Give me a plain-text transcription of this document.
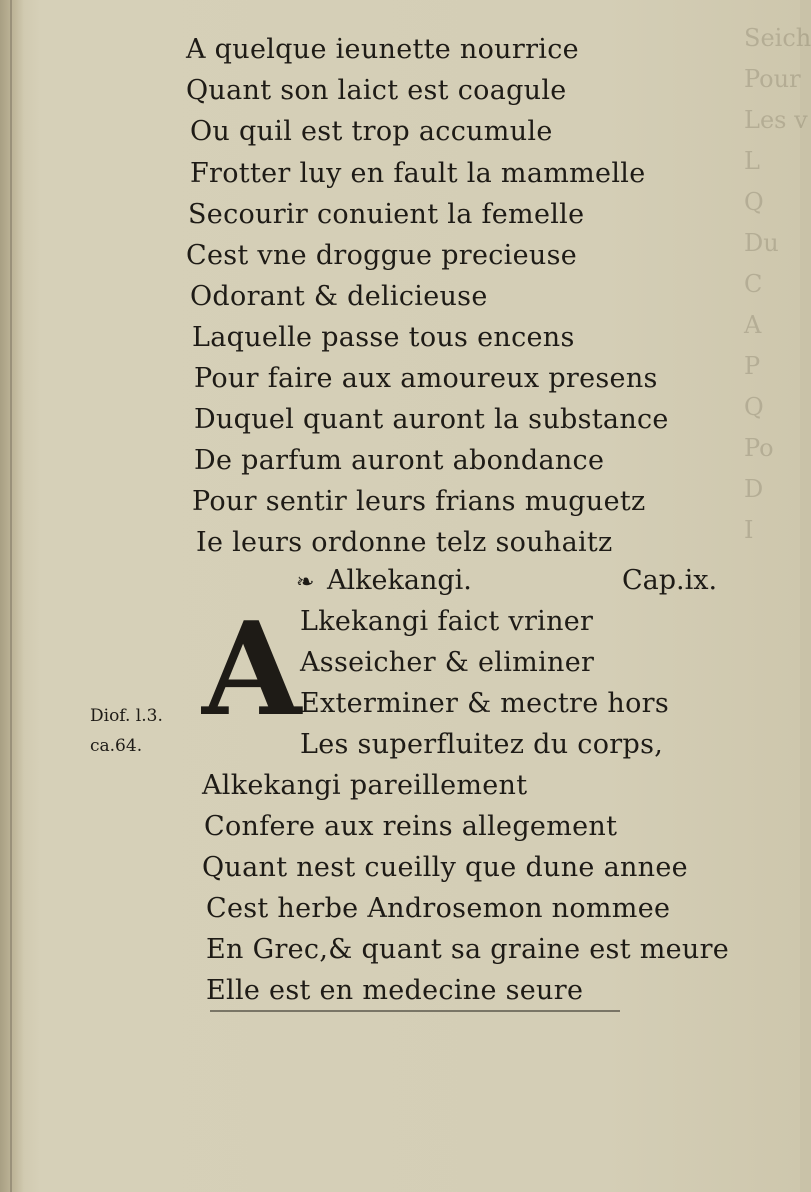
Seich
Pour
Les v
L
Q
Du
C
A
P
Q
Po
D
I
A quelque ieunette nourrice
Quant son laict est coagule
Ou quil est trop accumule
Frotter luy en fault la mammelle
Secourir conuient la femelle
Cest vne droggue precieuse
Odorant & delicieuse
Laquelle passe tous encens
Pour faire aux amoureux presens
Duquel quant auront la substance
De parfum auront abondance
Pour sentir leurs frians muguetz
Ie leurs ordonne telz souhaitz
❧ Alkekangi.	Cap.ix.
A
Lkekangi faict vriner
Asseicher & eliminer
Exterminer & mectre hors
Les superfluitez du corps,
Diof. l.3.
ca.64.
Alkekangi pareillement
Confere aux reins allegement
Quant nest cueilly que dune annee
Cest herbe Androsemon nommee
En Grec,& quant sa graine est meure
Elle est en medecine seure
